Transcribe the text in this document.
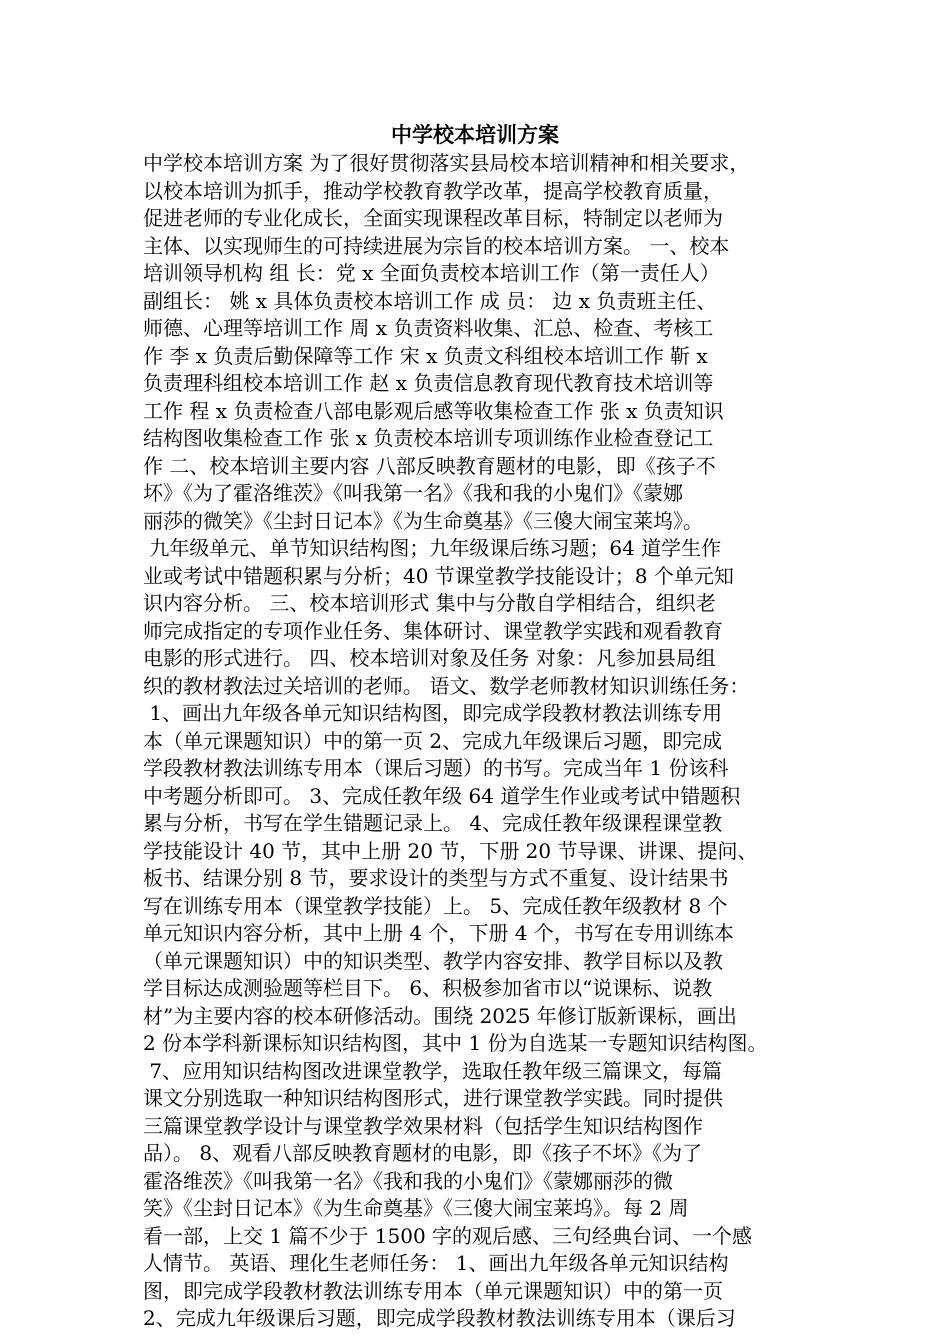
中学校本培训方案
中学校本培训方案 为了很好贯彻落实县局校本培训精神和相关要求，
以校本培训为抓手，推动学校教育教学改革，提高学校教育质量，
促进老师的专业化成长，全面实现课程改革目标，特制定以老师为
主体、以实现师生的可持续进展为宗旨的校本培训方案。 一、校本
培训领导机构 组 长：党 x 全面负责校本培训工作（第一责任人）
副组长： 姚 x 具体负责校本培训工作 成 员： 边 x 负责班主任、
师德、心理等培训工作 周 x 负责资料收集、汇总、检查、考核工
作 李 x 负责后勤保障等工作 宋 x 负责文科组校本培训工作 靳 x
负责理科组校本培训工作 赵 x 负责信息教育现代教育技术培训等
工作 程 x 负责检查八部电影观后感等收集检查工作 张 x 负责知识
结构图收集检查工作 张 x 负责校本培训专项训练作业检查登记工
作 二、校本培训主要内容 八部反映教育题材的电影，即《孩子不
坏》《为了霍洛维茨》《叫我第一名》《我和我的小鬼们》《蒙娜
丽莎的微笑》《尘封日记本》《为生命奠基》《三傻大闹宝莱坞》。
九年级单元、单节知识结构图；九年级课后练习题；64 道学生作
业或考试中错题积累与分析；40 节课堂教学技能设计；8 个单元知
识内容分析。 三、校本培训形式 集中与分散自学相结合，组织老
师完成指定的专项作业任务、集体研讨、课堂教学实践和观看教育
电影的形式进行。 四、校本培训对象及任务 对象：凡参加县局组
织的教材教法过关培训的老师。 语文、数学老师教材知识训练任务：
1、画出九年级各单元知识结构图，即完成学段教材教法训练专用
本（单元课题知识）中的第一页 2、完成九年级课后习题，即完成
学段教材教法训练专用本（课后习题）的书写。完成当年 1 份该科
中考题分析即可。 3、完成任教年级 64 道学生作业或考试中错题积
累与分析，书写在学生错题记录上。 4、完成任教年级课程课堂教
学技能设计 40 节，其中上册 20 节，下册 20 节导课、讲课、提问、
板书、结课分别 8 节，要求设计的类型与方式不重复、设计结果书
写在训练专用本（课堂教学技能）上。 5、完成任教年级教材 8 个
单元知识内容分析，其中上册 4 个，下册 4 个，书写在专用训练本
（单元课题知识）中的知识类型、教学内容安排、教学目标以及教
学目标达成测验题等栏目下。 6、积极参加省市以“说课标、说教
材”为主要内容的校本研修活动。围绕 2025 年修订版新课标，画出
2 份本学科新课标知识结构图，其中 1 份为自选某一专题知识结构图。
7、应用知识结构图改进课堂教学，选取任教年级三篇课文，每篇
课文分别选取一种知识结构图形式，进行课堂教学实践。同时提供
三篇课堂教学设计与课堂教学效果材料（包括学生知识结构图作
品）。 8、观看八部反映教育题材的电影，即《孩子不坏》《为了
霍洛维茨》《叫我第一名》《我和我的小鬼们》《蒙娜丽莎的微
笑》《尘封日记本》《为生命奠基》《三傻大闹宝莱坞》。每 2 周
看一部，上交 1 篇不少于 1500 字的观后感、三句经典台词、一个感
人情节。 英语、理化生老师任务： 1、画出九年级各单元知识结构
图，即完成学段教材教法训练专用本（单元课题知识）中的第一页
2、完成九年级课后习题，即完成学段教材教法训练专用本（课后习
